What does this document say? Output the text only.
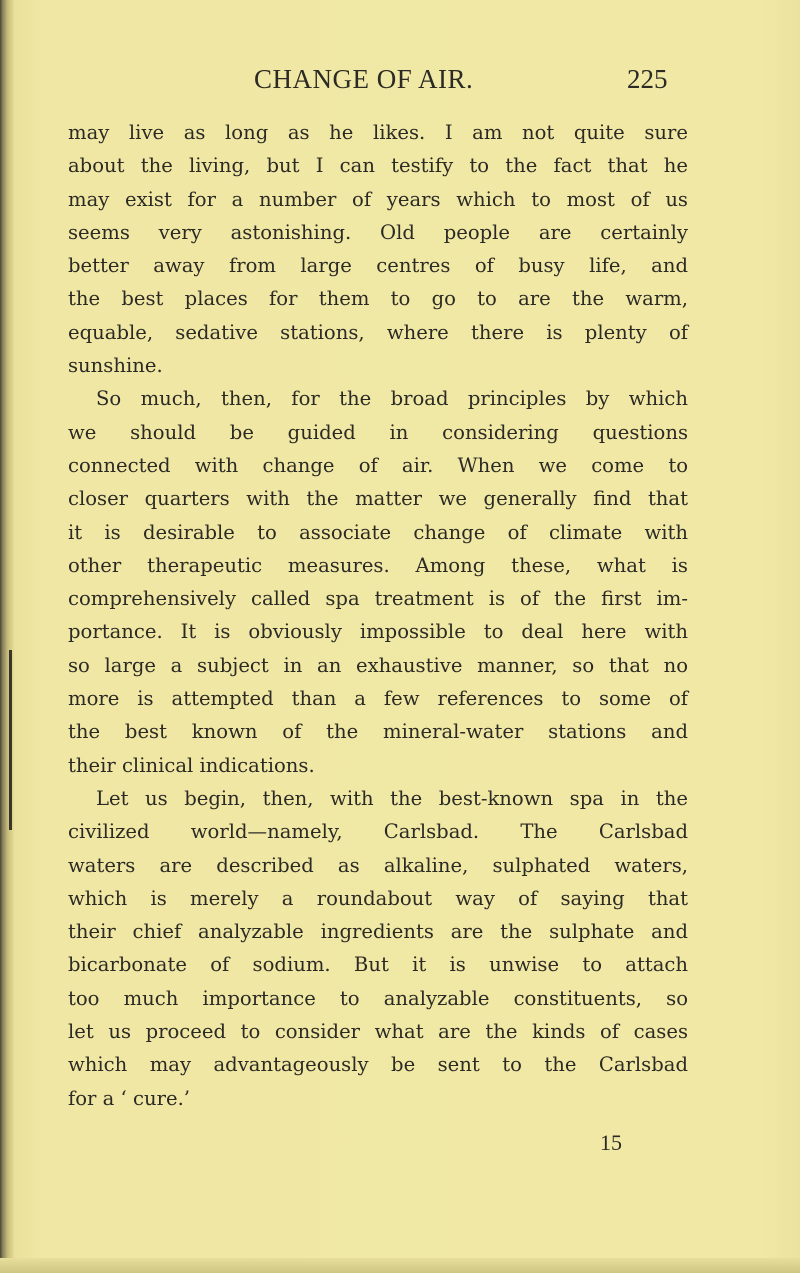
CHANGE OF AIR.	225
may live as long as he likes. I am not quite sure
about the living, but I can testify to the fact that he
may exist for a number of years which to most of us
seems very astonishing. Old people are certainly
better away from large centres of busy life, and
the best places for them to go to are the warm,
equable, sedative stations, where there is plenty of
sunshine.
So much, then, for the broad principles by which
we should be guided in considering questions
connected with change of air. When we come to
closer quarters with the matter we generally find that
it is desirable to associate change of climate with
other therapeutic measures. Among these, what is
comprehensively called spa treatment is of the first im-
portance. It is obviously impossible to deal here with
so large a subject in an exhaustive manner, so that no
more is attempted than a few references to some of
the best known of the mineral-water stations and
their clinical indications.
Let us begin, then, with the best-known spa in the
civilized world—namely, Carlsbad. The Carlsbad
waters are described as alkaline, sulphated waters,
which is merely a roundabout way of saying that
their chief analyzable ingredients are the sulphate and
bicarbonate of sodium. But it is unwise to attach
too much importance to analyzable constituents, so
let us proceed to consider what are the kinds of cases
which may advantageously be sent to the Carlsbad
for a ‘ cure.’
15
